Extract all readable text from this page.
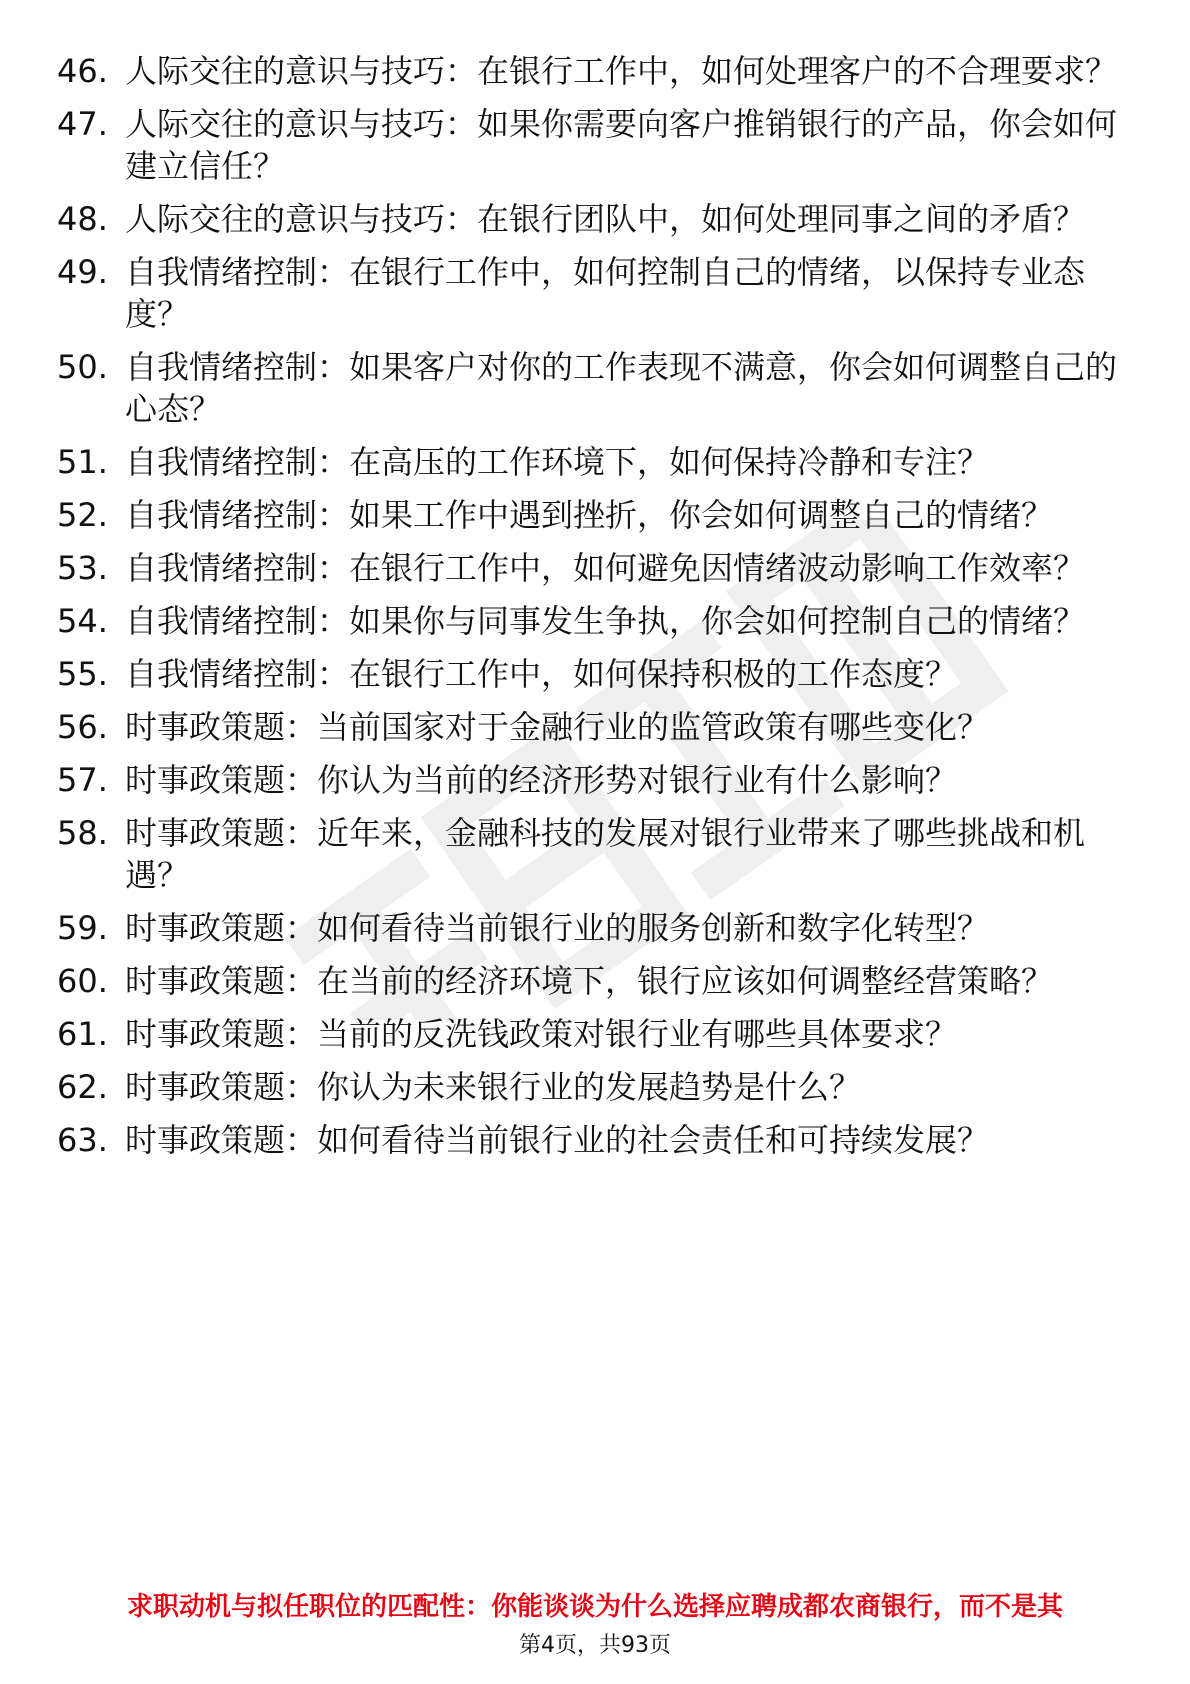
46. 人际交往的意识与技巧：在银行工作中，如何处理客户的不合理要求？
47. 人际交往的意识与技巧：如果你需要向客户推销银行的产品，你会如何建立信任？
48. 人际交往的意识与技巧：在银行团队中，如何处理同事之间的矛盾？
49. 自我情绪控制：在银行工作中，如何控制自己的情绪，以保持专业态度？
50. 自我情绪控制：如果客户对你的工作表现不满意，你会如何调整自己的心态？
51. 自我情绪控制：在高压的工作环境下，如何保持冷静和专注？
52. 自我情绪控制：如果工作中遇到挫折，你会如何调整自己的情绪？
53. 自我情绪控制：在银行工作中，如何避免因情绪波动影响工作效率？
54. 自我情绪控制：如果你与同事发生争执，你会如何控制自己的情绪？
55. 自我情绪控制：在银行工作中，如何保持积极的工作态度？
56. 时事政策题：当前国家对于金融行业的监管政策有哪些变化？
57. 时事政策题：你认为当前的经济形势对银行业有什么影响？
58. 时事政策题：近年来，金融科技的发展对银行业带来了哪些挑战和机遇？
59. 时事政策题：如何看待当前银行业的服务创新和数字化转型？
60. 时事政策题：在当前的经济环境下，银行应该如何调整经营策略？
61. 时事政策题：当前的反洗钱政策对银行业有哪些具体要求？
62. 时事政策题：你认为未来银行业的发展趋势是什么？
63. 时事政策题：如何看待当前银行业的社会责任和可持续发展？
求职动机与拟任职位的匹配性：你能谈谈为什么选择应聘成都农商银行，而不是其
第4页，共93页
